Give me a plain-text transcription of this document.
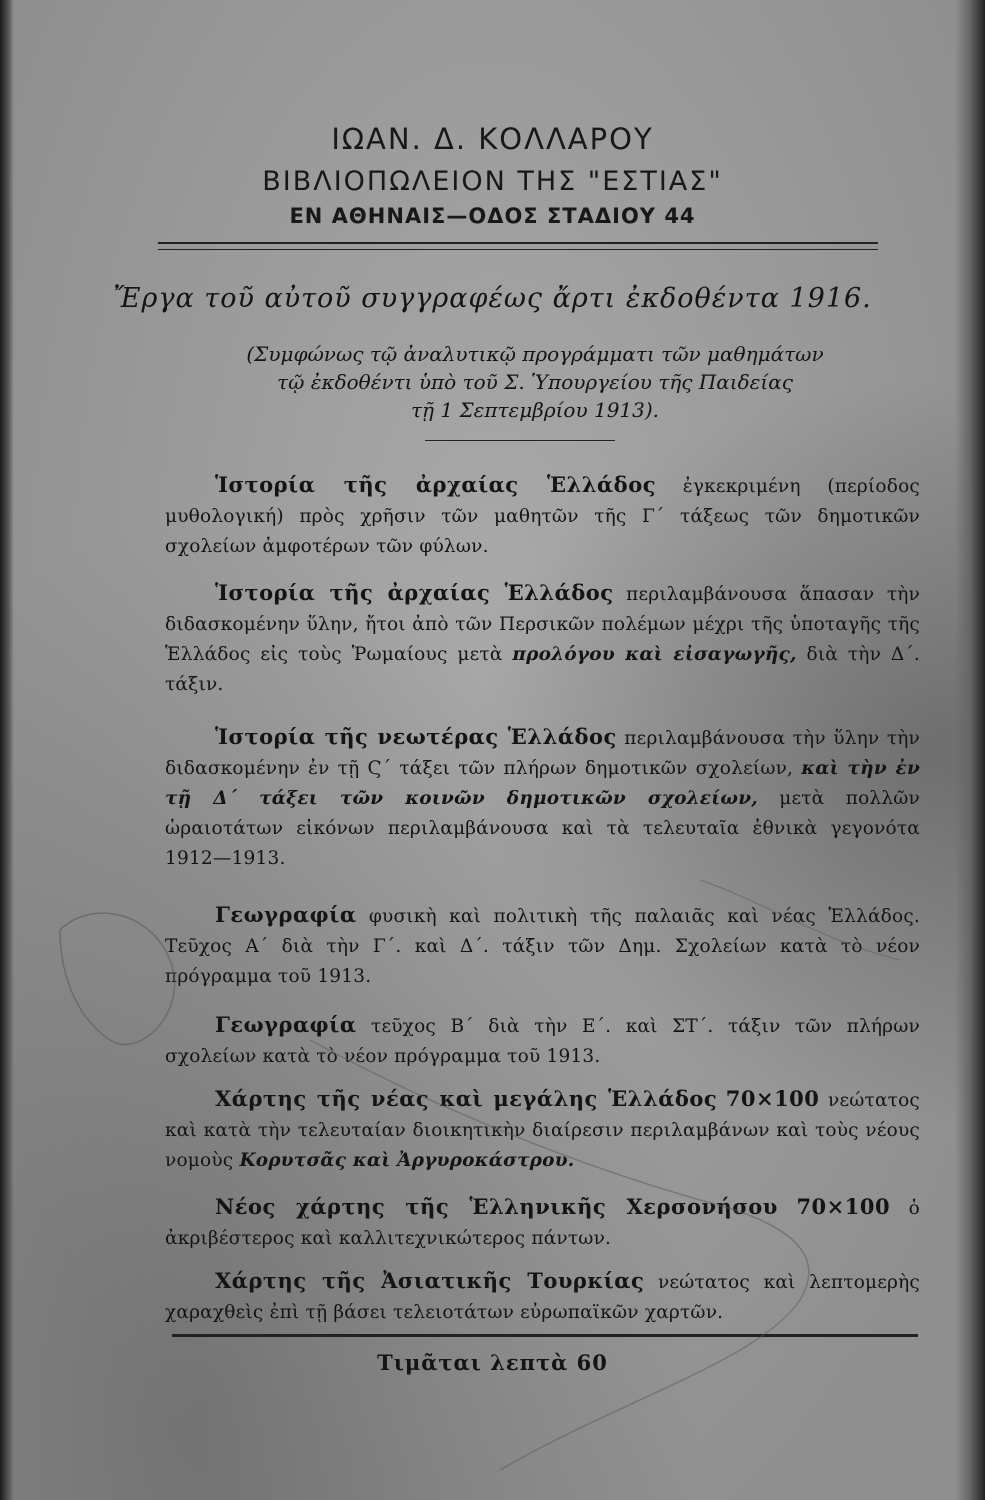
ΙΩΑΝ. Δ. ΚΟΛΛΑΡΟΥ
ΒΙΒΛΙΟΠΩΛΕΙΟΝ ΤΗΣ "ΕΣΤΙΑΣ"
ΕΝ ΑΘΗΝΑΙΣ—ΟΔΟΣ ΣΤΑΔΙΟΥ 44
Ἔργα τοῦ αὐτοῦ συγγραφέως ἄρτι ἐκδοθέντα 1916.
(Συμφώνως τῷ ἀναλυτικῷ προγράμματι τῶν μαθημάτων
τῷ ἐκδοθέντι ὑπὸ τοῦ Σ. Ὑπουργείου τῆς Παιδείας
τῇ 1 Σεπτεμβρίου 1913).
Ἱστορία τῆς ἀρχαίας Ἑλλάδος ἐγκεκριμένη (περίοδος μυθολογική) πρὸς χρῆσιν τῶν μαθητῶν τῆς Γ΄ τάξεως τῶν δημοτικῶν σχολείων ἀμφοτέρων τῶν φύλων.
Ἱστορία τῆς ἀρχαίας Ἑλλάδος περιλαμβάνουσα ἅπασαν τὴν διδασκομένην ὕλην, ἤτοι ἀπὸ τῶν Περσικῶν πολέμων μέχρι τῆς ὑποταγῆς τῆς Ἑλλάδος εἰς τοὺς Ῥωμαίους μετὰ προλόγου καὶ εἰσαγωγῆς, διὰ τὴν Δ΄. τάξιν.
Ἱστορία τῆς νεωτέρας Ἑλλάδος περιλαμβάνουσα τὴν ὕλην τὴν διδασκομένην ἐν τῇ Ϛ΄ τάξει τῶν πλήρων δημοτικῶν σχολείων, καὶ τὴν ἐν τῇ Δ΄ τάξει τῶν κοινῶν δημοτικῶν σχολείων, μετὰ πολλῶν ὡραιοτάτων εἰκόνων περιλαμβάνουσα καὶ τὰ τελευταῖα ἐθνικὰ γεγονότα 1912—1913.
Γεωγραφία φυσικὴ καὶ πολιτικὴ τῆς παλαιᾶς καὶ νέας Ἑλλάδος. Τεῦχος Α΄ διὰ τὴν Γ΄. καὶ Δ΄. τάξιν τῶν Δημ. Σχολείων κατὰ τὸ νέον πρόγραμμα τοῦ 1913.
Γεωγραφία τεῦχος Β΄ διὰ τὴν Ε΄. καὶ ΣΤ΄. τάξιν τῶν πλήρων σχολείων κατὰ τὸ νέον πρόγραμμα τοῦ 1913.
Χάρτης τῆς νέας καὶ μεγάλης Ἑλλάδος 70×100 νεώτατος καὶ κατὰ τὴν τελευταίαν διοικητικὴν διαίρεσιν περιλαμβάνων καὶ τοὺς νέους νομοὺς Κορυτσᾶς καὶ Ἀργυροκάστρου.
Νέος χάρτης τῆς Ἑλληνικῆς Χερσονήσου 70×100 ὁ ἀκριβέστερος καὶ καλλιτεχνικώτερος πάντων.
Χάρτης τῆς Ἀσιατικῆς Τουρκίας νεώτατος καὶ λεπτομερὴς χαραχθεὶς ἐπὶ τῇ βάσει τελειοτάτων εὐρωπαϊκῶν χαρτῶν.
Τιμᾶται λεπτὰ 60
